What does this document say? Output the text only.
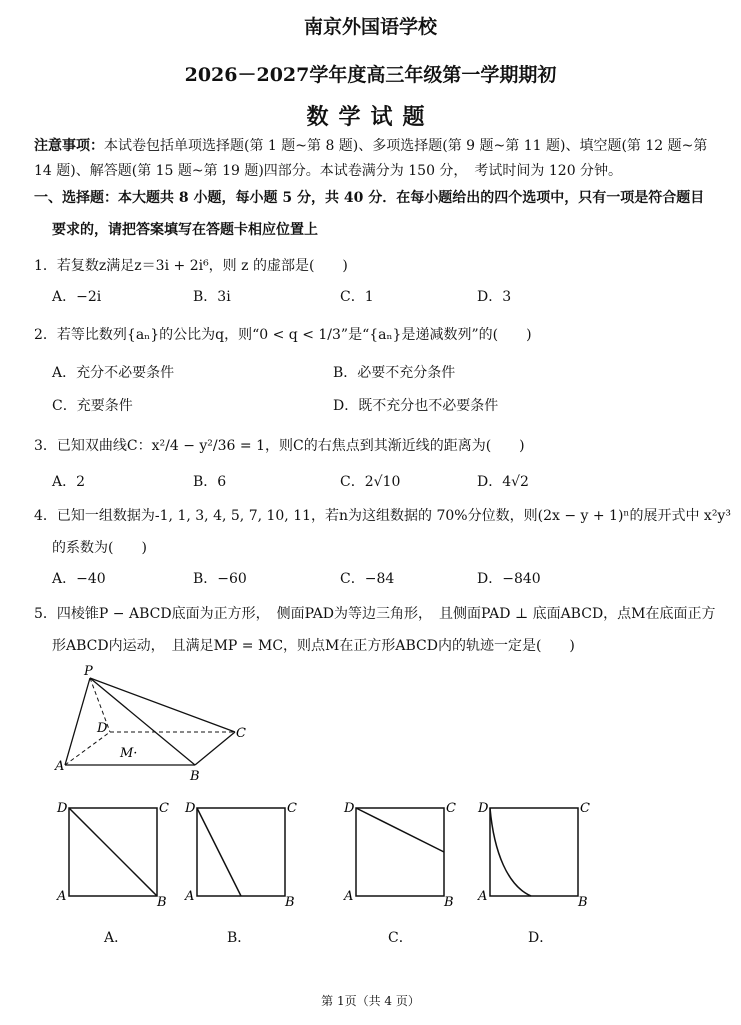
南京外国语学校
2026－2027学年度高三年级第一学期期初
数学试题
注意事项：本试卷包括单项选择题(第 1 题~第 8 题)、多项选择题(第 9 题~第 11 题)、填空题(第 12 题~第
14 题)、解答题(第 15 题~第 19 题)四部分。本试卷满分为 150 分，　考试时间为 120 分钟。
一、选择题：本大题共 8 小题，每小题 5 分，共 40 分．在每小题给出的四个选项中，只有一项是符合题目
要求的，请把答案填写在答题卡相应位置上
1．若复数z满足z＝3i + 2i⁶，则 z 的虚部是(　　)
A．−2i	B．3i	C．1	D．3
2．若等比数列{aₙ}的公比为q，则“0 < q < 1/3”是“{aₙ}是递减数列”的(　　)
A．充分不必要条件	B．必要不充分条件
C．充要条件	D．既不充分也不必要条件
3．已知双曲线C：x²/4 − y²/36 = 1，则C的右焦点到其渐近线的距离为(　　)
A．2	B．6	C．2√10	D．4√2
4．已知一组数据为-1, 1, 3, 4, 5, 7, 10, 11，若n为这组数据的 70%分位数，则(2x − y + 1)ⁿ的展开式中 x²y³
的系数为(　　)
A．−40	B．−60	C．−84	D．−840
5．四棱锥P − ABCD底面为正方形，　侧面PAD为等边三角形，　且侧面PAD ⊥ 底面ABCD，点M在底面正方
形ABCD内运动，　且满足MP = MC，则点M在正方形ABCD内的轨迹一定是(　　)
P
D	C
A
B
M·
D	C
A	B
D	C
A	B
D	C
A	B
D	C
A	B
A．	B．	C．	D．
第 1页（共 4 页）
